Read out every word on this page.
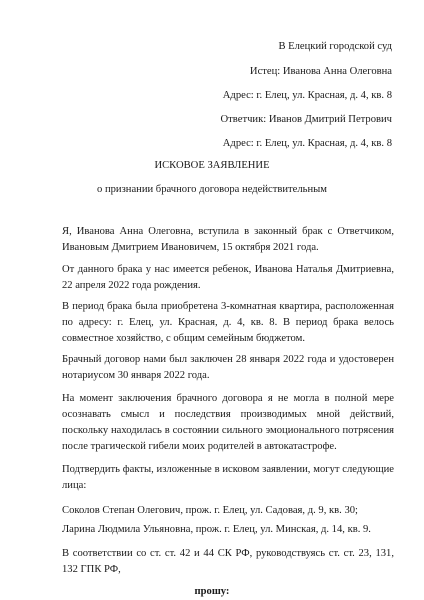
В Елецкий городской суд
Истец: Иванова Анна Олеговна
Адрес: г. Елец, ул. Красная, д. 4, кв. 8
Ответчик: Иванов Дмитрий Петрович
Адрес: г. Елец, ул. Красная, д. 4, кв. 8
ИСКОВОЕ ЗАЯВЛЕНИЕ
о признании брачного договора недействительным
Я, Иванова Анна Олеговна, вступила в законный брак с Ответчиком, Ивановым Дмитрием Ивановичем, 15 октября 2021 года.
От данного брака у нас имеется ребенок, Иванова Наталья Дмитриевна, 22 апреля 2022 года рождения.
В период брака была приобретена 3-комнатная квартира, расположенная по адресу: г. Елец, ул. Красная, д. 4, кв. 8. В период брака велось совместное хозяйство, с общим семейным бюджетом.
Брачный договор нами был заключен 28 января 2022 года и удостоверен нотариусом 30 января 2022 года.
На момент заключения брачного договора я не могла в полной мере осознавать смысл и последствия производимых мной действий, поскольку находилась в состоянии сильного эмоционального потрясения после трагической гибели моих родителей в автокатастрофе.
Подтвердить факты, изложенные в исковом заявлении, могут следующие лица:
Соколов Степан Олегович, прож. г. Елец, ул. Садовая, д. 9, кв. 30;
Ларина Людмила Ульяновна, прож. г. Елец, ул. Минская, д. 14, кв. 9.
В соответствии со ст. ст. 42 и 44 СК РФ, руководствуясь ст. ст. 23, 131, 132 ГПК РФ,
прошу:
